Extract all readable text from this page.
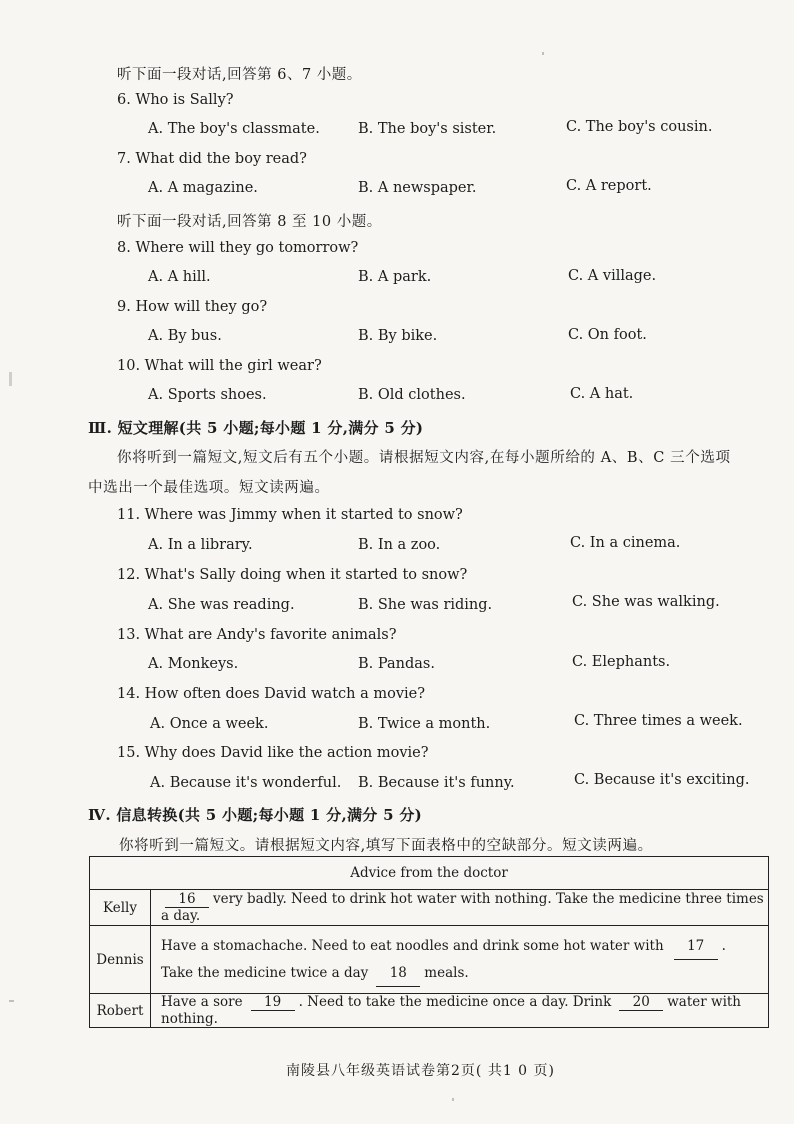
听下面一段对话,回答第 6、7 小题。
6. Who is Sally?
A. The boy's classmate.	B. The boy's sister.	C. The boy's cousin.
7. What did the boy read?
A. A magazine.	B. A newspaper.	C. A report.
听下面一段对话,回答第 8 至 10 小题。
8. Where will they go tomorrow?
A. A hill.	B. A park.	C. A village.
9. How will they go?
A. By bus.	B. By bike.	C. On foot.
10. What will the girl wear?
A. Sports shoes.	B. Old clothes.	C. A hat.
Ⅲ. 短文理解(共 5 小题;每小题 1 分,满分 5 分)
你将听到一篇短文,短文后有五个小题。请根据短文内容,在每小题所给的 A、B、C 三个选项
中选出一个最佳选项。短文读两遍。
11. Where was Jimmy when it started to snow?
A. In a library.	B. In a zoo.	C. In a cinema.
12. What's Sally doing when it started to snow?
A. She was reading.	B. She was riding.	C. She was walking.
13. What are Andy's favorite animals?
A. Monkeys.	B. Pandas.	C. Elephants.
14. How often does David watch a movie?
A. Once a week.	B. Twice a month.	C. Three times a week.
15. Why does David like the action movie?
A. Because it's wonderful. B. Because it's funny.	C. Because it's exciting.
Ⅳ. 信息转换(共 5 小题;每小题 1 分,满分 5 分)
你将听到一篇短文。请根据短文内容,填写下面表格中的空缺部分。短文读两遍。
Advice from the doctor	
Kelly	16 very badly. Need to drink hot water with nothing. Take the medicine three times a day.
Dennis	Have a stomachache. Need to eat noodles and drink some hot water with 17 .
Take the medicine twice a day 18 meals.

Robert	Have a sore 19 . Need to take the medicine once a day. Drink 20 water with nothing.
南陵县八年级英语试卷第2页( 共1 0 页)
